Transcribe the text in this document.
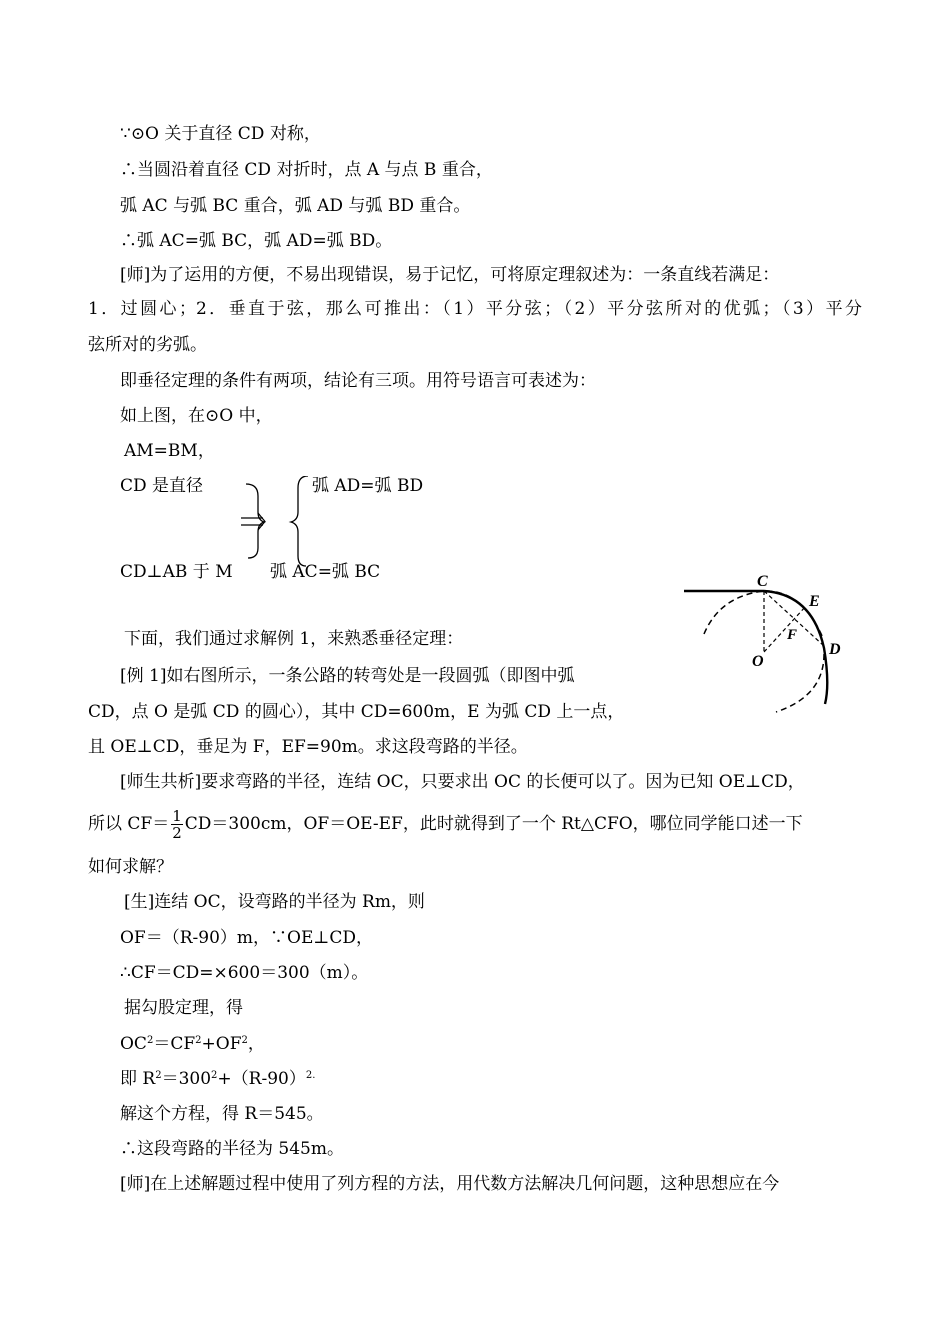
∵⊙O 关于直径 CD 对称，
∴当圆沿着直径 CD 对折时，点 A 与点 B 重合，
弧 AC 与弧 BC 重合，弧 AD 与弧 BD 重合。
∴弧 AC=弧 BC，弧 AD=弧 BD。
[师]为了运用的方便，不易出现错误，易于记忆，可将原定理叙述为：一条直线若满足：
1．过圆心；2．垂直于弦，那么可推出：（1）平分弦；（2）平分弦所对的优弧；（3）平分
弦所对的劣弧。
即垂径定理的条件有两项，结论有三项。用符号语言可表述为：
如上图，在⊙O 中，
AM=BM，
CD 是直径	弧 AD=弧 BD
CD⊥AB 于 M 弧 AC=弧 BC
下面，我们通过求解例 1，来熟悉垂径定理：
[例 1]如右图所示，一条公路的转弯处是一段圆弧（即图中弧
CD，点 O 是弧 CD 的圆心），其中 CD=600m，E 为弧 CD 上一点，
且 OE⊥CD，垂足为 F，EF=90m。求这段弯路的半径。
[师生共析]要求弯路的半径，连结 OC，只要求出 OC 的长便可以了。因为已知 OE⊥CD，
所以 $CF= \frac{1}{2} CD=300cm$，OF＝OE-EF，此时就得到了一个 Rt△CFO，哪位同学能口述一下
如何求解？
[生]连结 OC，设弯路的半径为 Rm，则
OF＝（R-90）m，∵OE⊥CD，
∴CF＝CD=×600＝300（m）。
据勾股定理，得
$OC^2=CF^2+OF^2$，
即 $R^2=300^2+(R-90)^{2.}$
解这个方程，得 R＝545。
∴这段弯路的半径为 545m。
[师]在上述解题过程中使用了列方程的方法，用代数方法解决几何问题，这种思想应在今
C
E
F
D
O
